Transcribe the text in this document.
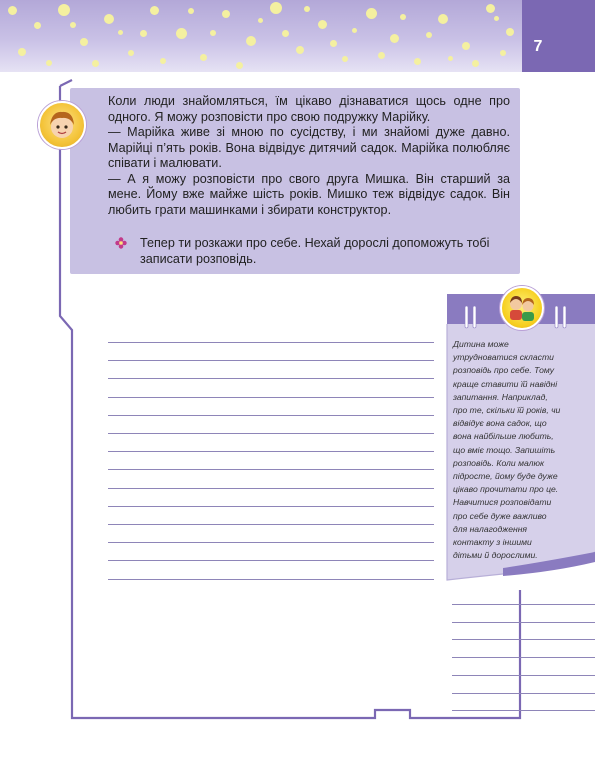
7

Коли люди знайомляться, їм цікаво дізнаватися щось одне про одного. Я можу розповісти про свою подружку Марійку.

— Марійка живе зі мною по сусідству, і ми знайомі дуже давно. Марійці п’ять років. Вона відвідує дитячий садок. Марійка полюбляє співати і малювати.

— А я можу розповісти про свого друга Мишка. Він старший за мене. Йому вже майже шість років. Мишко теж відвідує садок. Він любить грати машинками і збирати конструктор.

Тепер ти розкажи про себе. Нехай дорослі допоможуть тобі записати розповідь.
Дитина може утрудноватися скласти розповідь про себе. Тому краще ставити їй навідні запитання. Наприклад, про те, скільки їй років, чи відвідує вона садок, що вона найбільше любить, що вміє тощо. Запишіть розповідь. Коли малюк підросте, йому буде дуже цікаво прочитати про це. Навчитися розповідати про себе дуже важливо для налагодження контакту з іншими дітьми й дорослими.
